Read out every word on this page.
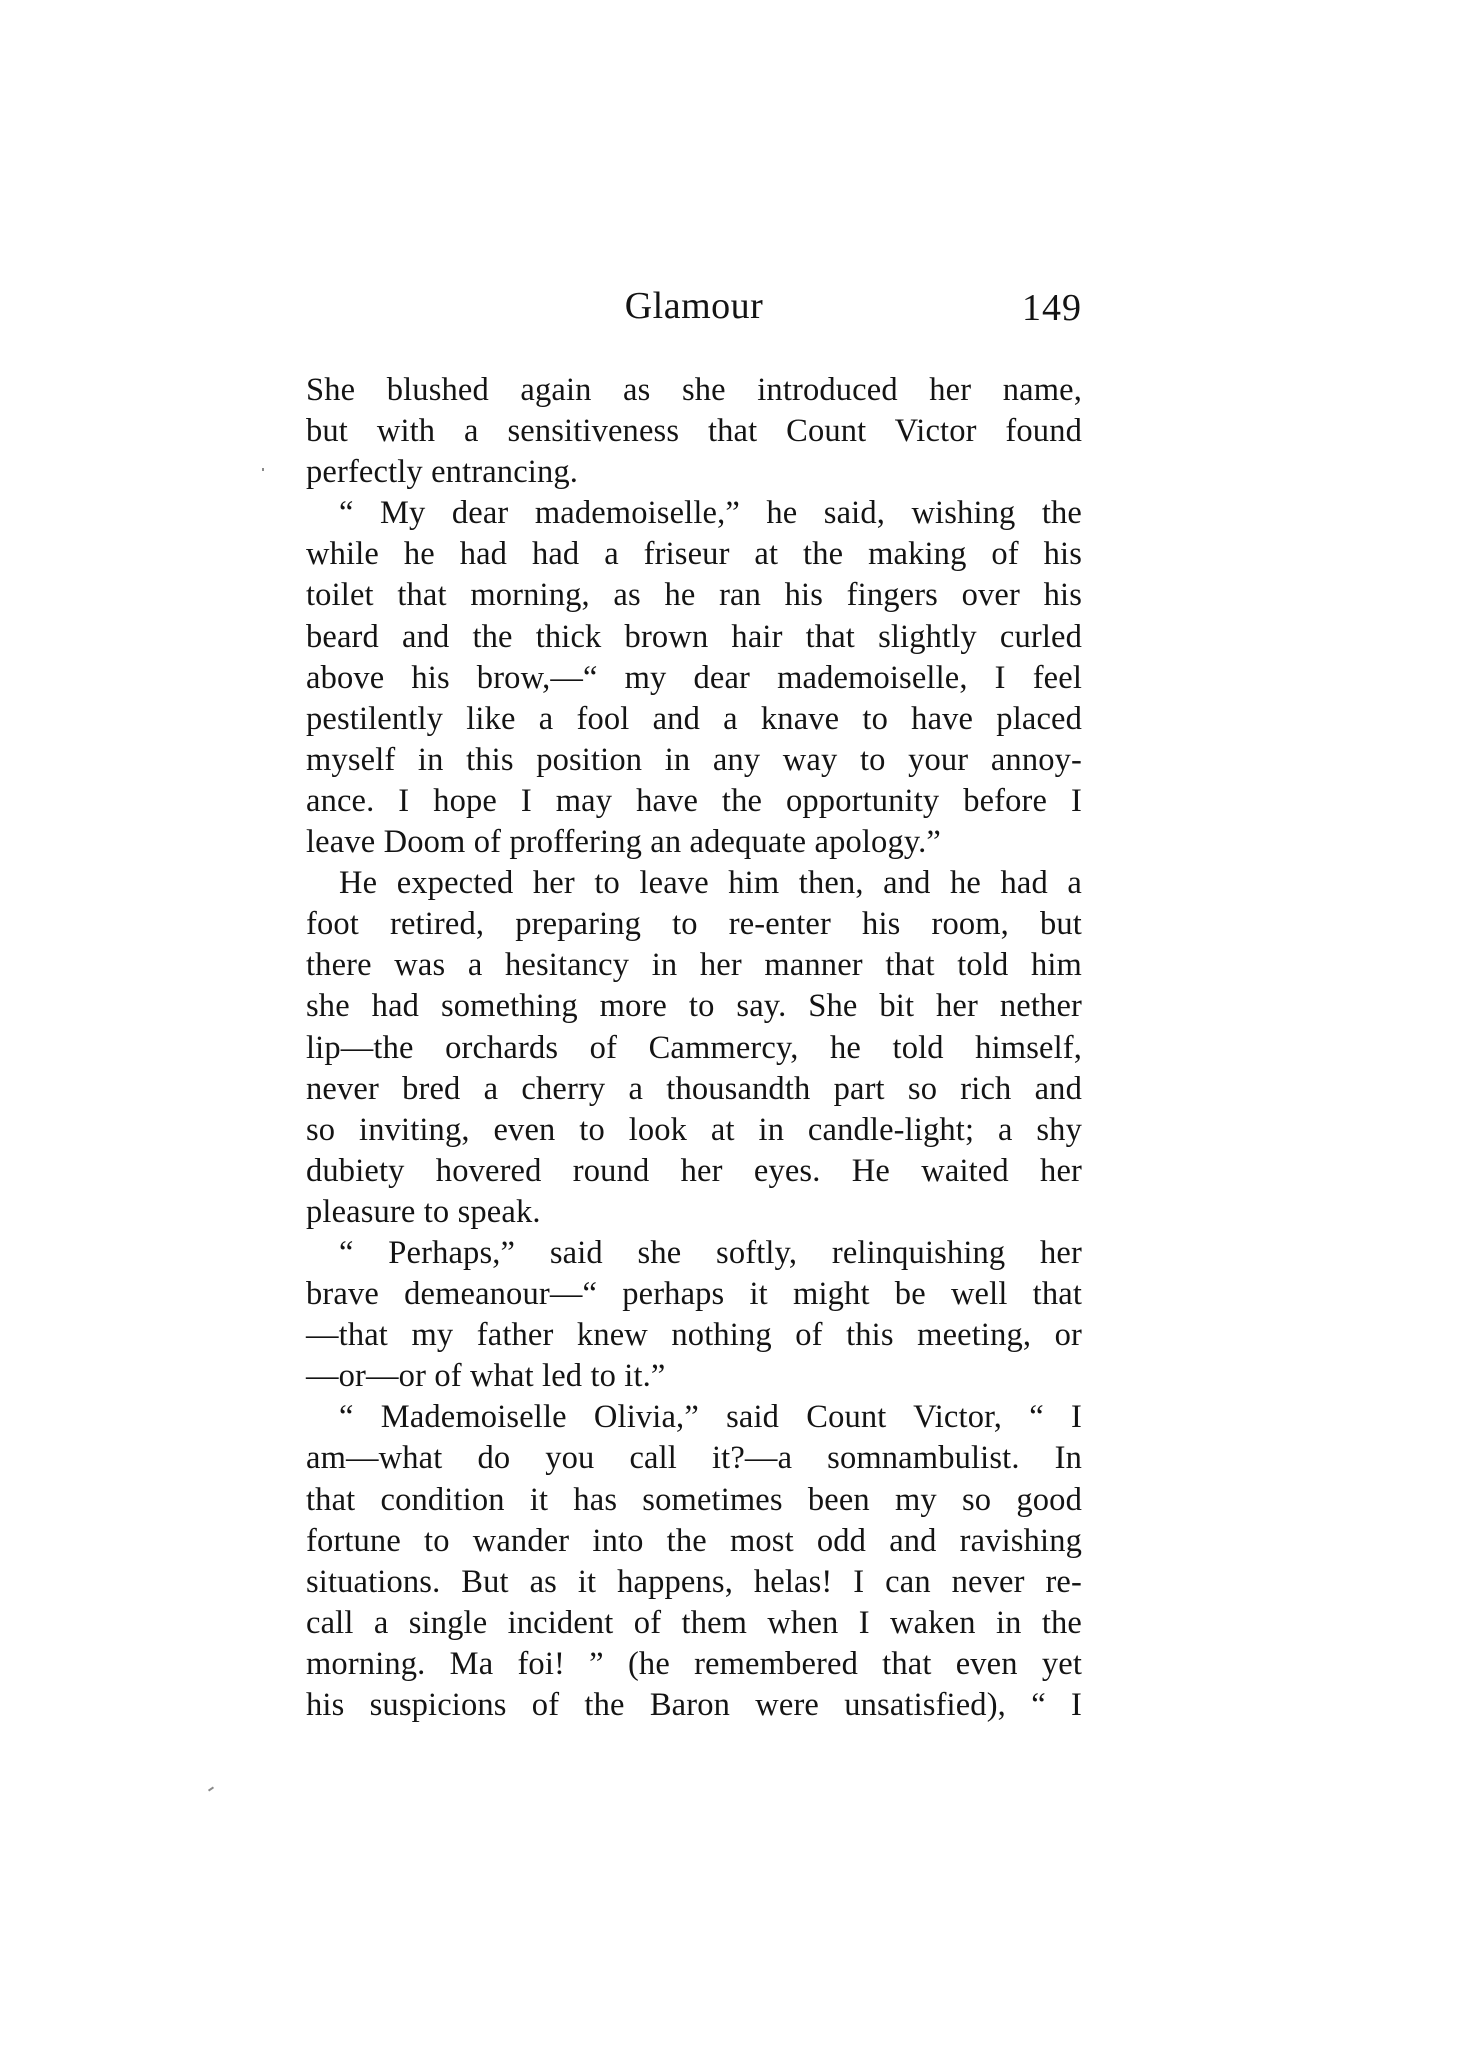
Glamour	149
She blushed again as she introduced her name,
but with a sensitiveness that Count Victor found
perfectly entrancing.
“ My dear mademoiselle,” he said, wishing the
while he had had a friseur at the making of his
toilet that morning, as he ran his fingers over his
beard and the thick brown hair that slightly curled
above his brow,—“ my dear mademoiselle, I feel
pestilently like a fool and a knave to have placed
myself in this position in any way to your annoy-
ance. I hope I may have the opportunity before I
leave Doom of proffering an adequate apology.”
He expected her to leave him then, and he had a
foot retired, preparing to re-enter his room, but
there was a hesitancy in her manner that told him
she had something more to say. She bit her nether
lip—the orchards of Cammercy, he told himself,
never bred a cherry a thousandth part so rich and
so inviting, even to look at in candle-light; a shy
dubiety hovered round her eyes. He waited her
pleasure to speak.
“ Perhaps,” said she softly, relinquishing her
brave demeanour—“ perhaps it might be well that
—that my father knew nothing of this meeting, or
—or—or of what led to it.”
“ Mademoiselle Olivia,” said Count Victor, “ I
am—what do you call it?—a somnambulist. In
that condition it has sometimes been my so good
fortune to wander into the most odd and ravishing
situations. But as it happens, helas! I can never re-
call a single incident of them when I waken in the
morning. Ma foi! ” (he remembered that even yet
his suspicions of the Baron were unsatisfied), “ I
